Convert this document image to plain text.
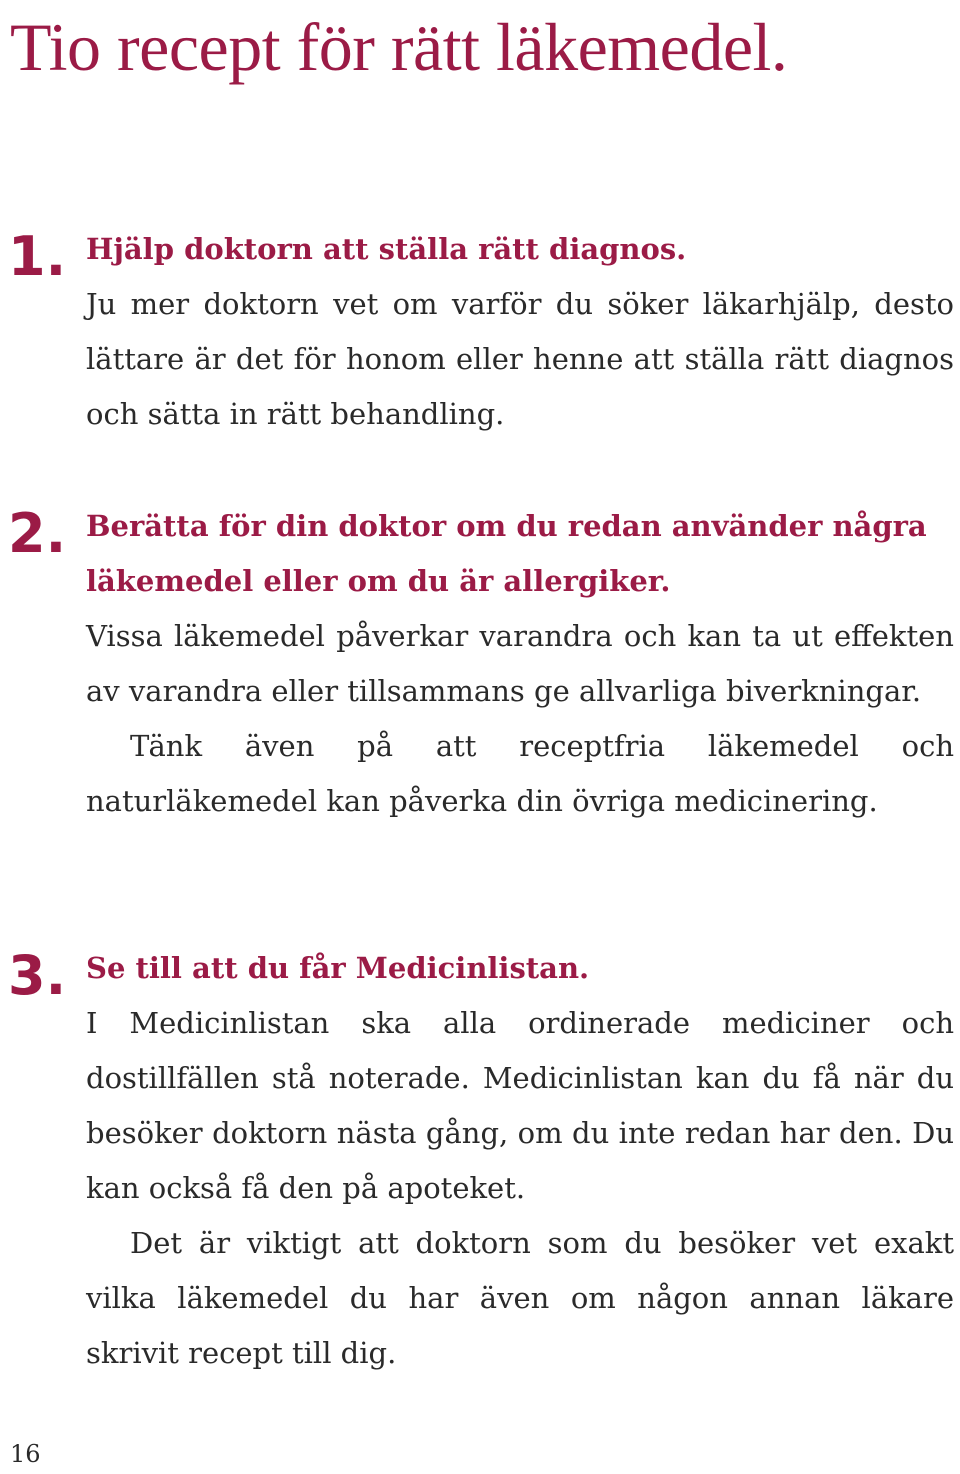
Tio recept för rätt läkemedel.
1. Hjälp doktorn att ställa rätt diagnos.

Ju mer doktorn vet om varför du söker läkarhjälp, desto lättare är det för honom eller henne att ställa rätt diagnos och sätta in rätt behandling.

2. Berätta för din doktor om du redan använder några läkemedel eller om du är allergiker.

Vissa läkemedel påverkar varandra och kan ta ut effekten av varandra eller tillsammans ge allvarliga biverkningar.

Tänk även på att receptfria läkemedel och naturläkemedel kan påverka din övriga medicinering.

3. Se till att du får Medicinlistan.

I Medicinlistan ska alla ordinerade mediciner och dostillfällen stå noterade. Medicinlistan kan du få när du besöker doktorn nästa gång, om du inte redan har den. Du kan också få den på apoteket.

Det är viktigt att doktorn som du besöker vet exakt vilka läkemedel du har även om någon annan läkare skrivit recept till dig.

16
